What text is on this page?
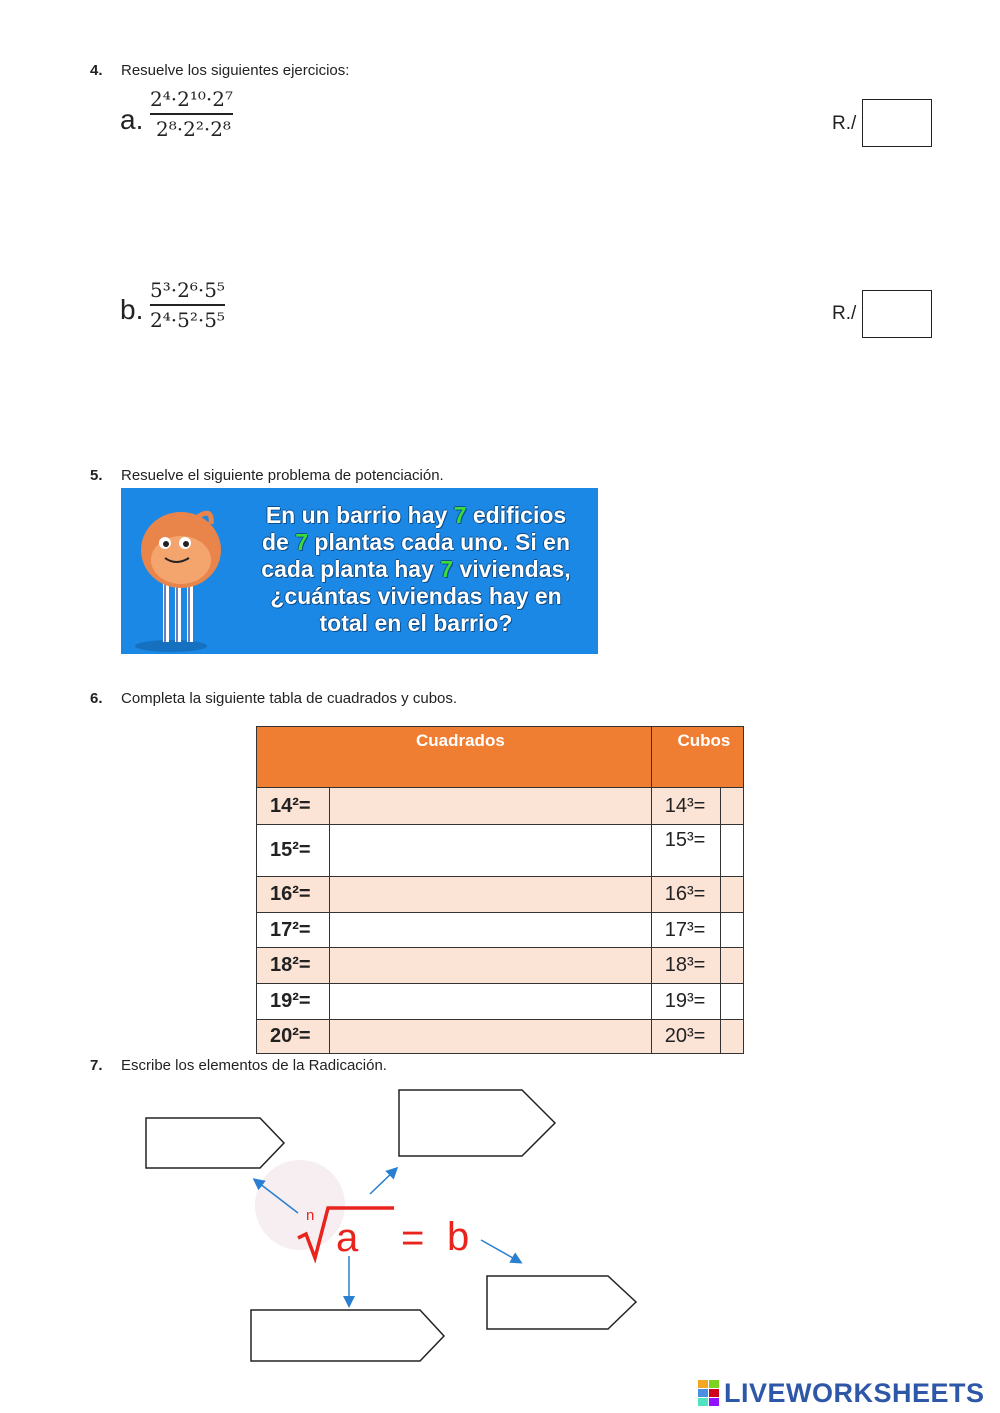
4. Resuelve los siguientes ejercicios:
a.
2⁴·2¹⁰·2⁷
2⁸·2²·2⁸	R./
b.
5³·2⁶·5⁵
2⁴·5²·5⁵	R./
5. Resuelve el siguiente problema de potenciación.
En un barrio hay 7 edificios
de 7 plantas cada uno. Si en
cada planta hay 7 viviendas,
¿cuántas viviendas hay en
total en el barrio?
6. Completa la siguiente tabla de cuadrados y cubos.
Cuadrados		Cubos	
14²=		14³=	
15²=		15³=	
16²=		16³=	
17²=		17³=	
18²=		18³=	
19²=		19³=	
20²=		20³=	
7. Escribe los elementos de la Radicación.
n
a = b
LIVEWORKSHEETS
